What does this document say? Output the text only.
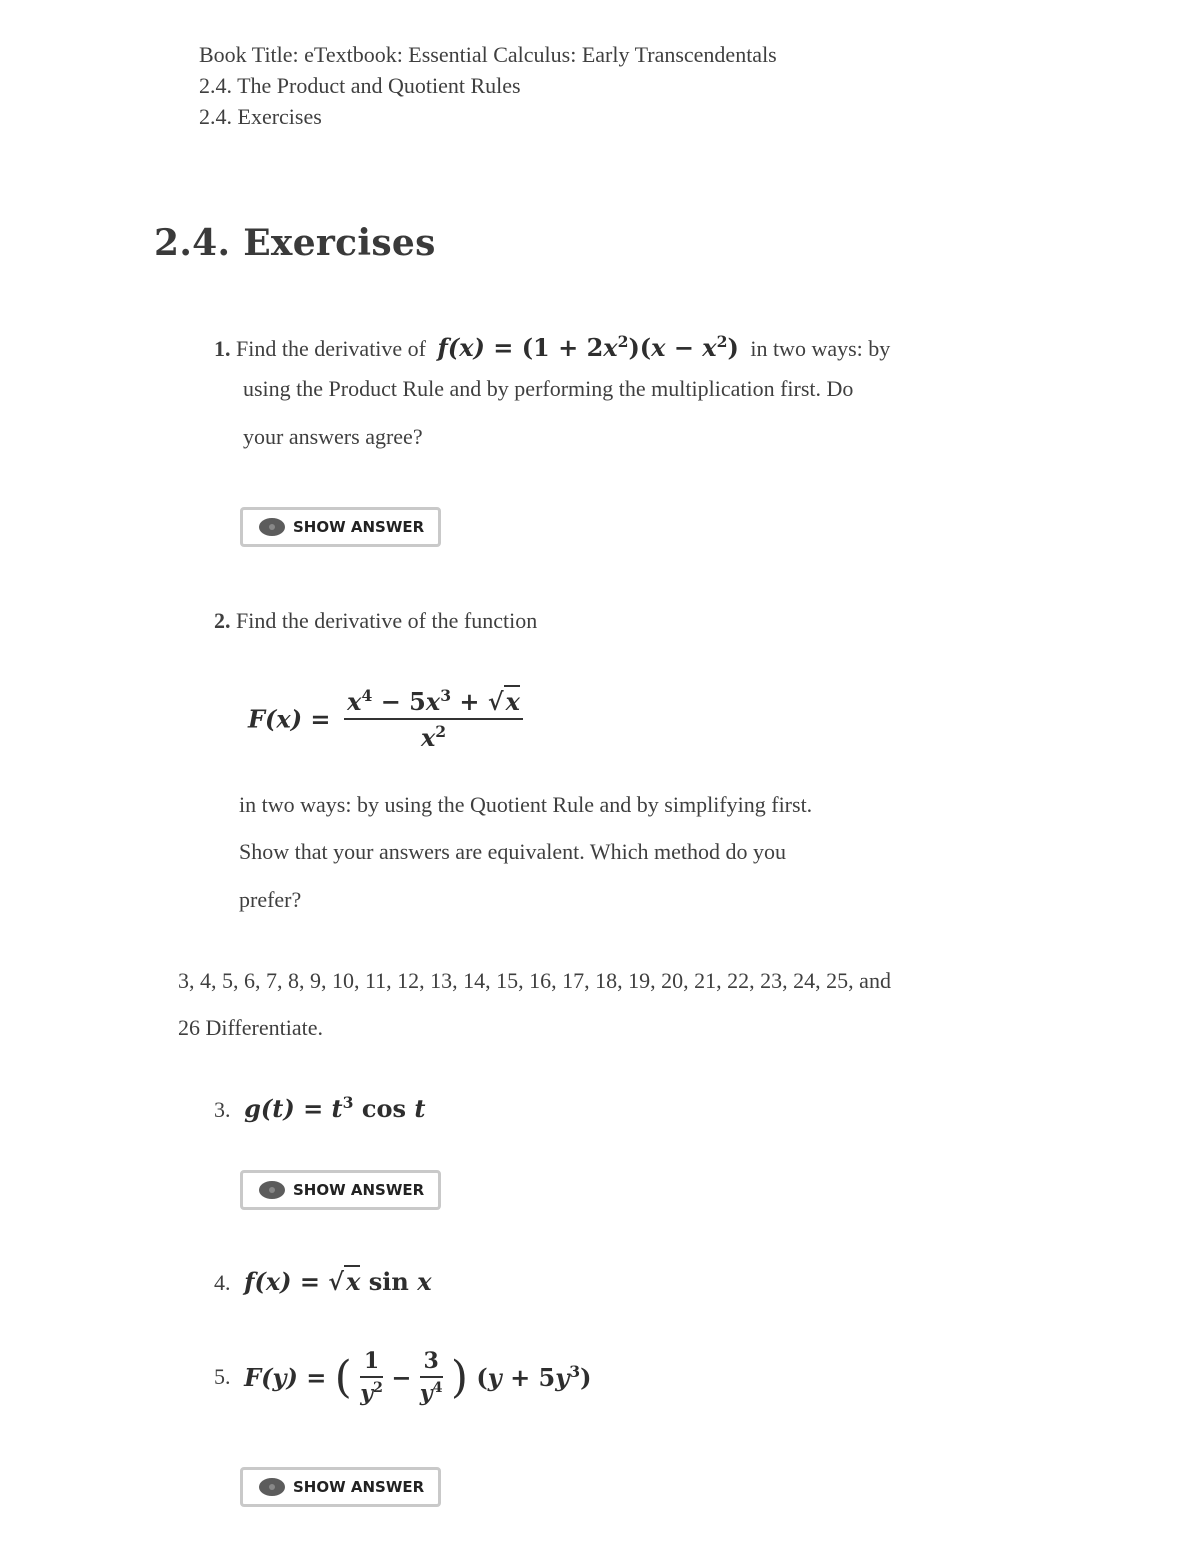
Book Title: eTextbook: Essential Calculus: Early Transcendentals
2.4. The Product and Quotient Rules
2.4. Exercises
2.4. Exercises
1. Find the derivative of $f(x) = (1 + 2x^2)(x - x^2)$ in two ways: by
using the Product Rule and by performing the multiplication first. Do
your answers agree?
SHOW ANSWER
2. Find the derivative of the function
$F(x) = \frac{x^4 - 5x^3 + √x}{x^2}$
in two ways: by using the Quotient Rule and by simplifying first.
Show that your answers are equivalent. Which method do you
prefer?
3, 4, 5, 6, 7, 8, 9, 10, 11, 12, 13, 14, 15, 16, 17, 18, 19, 20, 21, 22, 23, 24, 25, and
26 Differentiate.
3. $g(t) = t^3$ cos t
SHOW ANSWER
4. f(x) = √x sin x
5. F(y) = ( $\frac{1}{y^2} - \frac{3}{y^4}$ ) $(y + 5y^3)$
SHOW ANSWER
